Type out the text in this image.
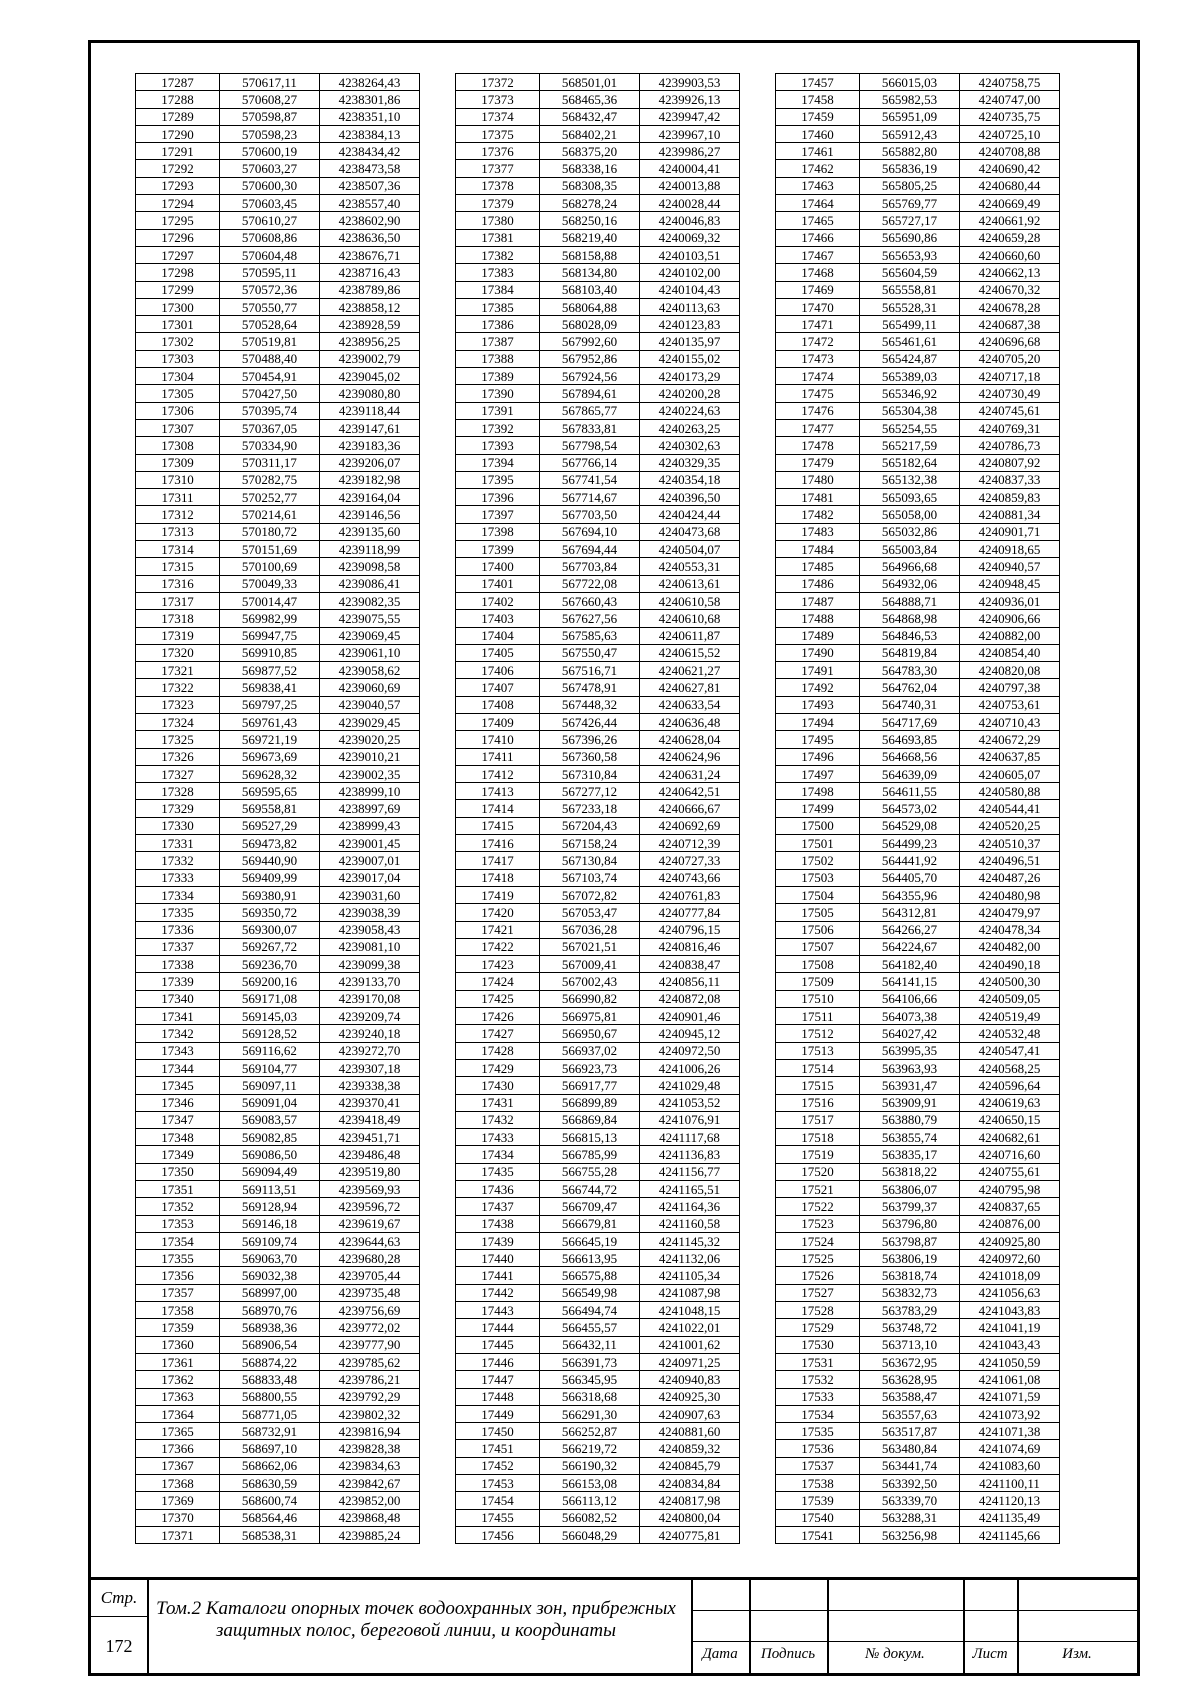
17287	570617,11	4238264,43
17288	570608,27	4238301,86
17289	570598,87	4238351,10
17290	570598,23	4238384,13
17291	570600,19	4238434,42
17292	570603,27	4238473,58
17293	570600,30	4238507,36
17294	570603,45	4238557,40
17295	570610,27	4238602,90
17296	570608,86	4238636,50
17297	570604,48	4238676,71
17298	570595,11	4238716,43
17299	570572,36	4238789,86
17300	570550,77	4238858,12
17301	570528,64	4238928,59
17302	570519,81	4238956,25
17303	570488,40	4239002,79
17304	570454,91	4239045,02
17305	570427,50	4239080,80
17306	570395,74	4239118,44
17307	570367,05	4239147,61
17308	570334,90	4239183,36
17309	570311,17	4239206,07
17310	570282,75	4239182,98
17311	570252,77	4239164,04
17312	570214,61	4239146,56
17313	570180,72	4239135,60
17314	570151,69	4239118,99
17315	570100,69	4239098,58
17316	570049,33	4239086,41
17317	570014,47	4239082,35
17318	569982,99	4239075,55
17319	569947,75	4239069,45
17320	569910,85	4239061,10
17321	569877,52	4239058,62
17322	569838,41	4239060,69
17323	569797,25	4239040,57
17324	569761,43	4239029,45
17325	569721,19	4239020,25
17326	569673,69	4239010,21
17327	569628,32	4239002,35
17328	569595,65	4238999,10
17329	569558,81	4238997,69
17330	569527,29	4238999,43
17331	569473,82	4239001,45
17332	569440,90	4239007,01
17333	569409,99	4239017,04
17334	569380,91	4239031,60
17335	569350,72	4239038,39
17336	569300,07	4239058,43
17337	569267,72	4239081,10
17338	569236,70	4239099,38
17339	569200,16	4239133,70
17340	569171,08	4239170,08
17341	569145,03	4239209,74
17342	569128,52	4239240,18
17343	569116,62	4239272,70
17344	569104,77	4239307,18
17345	569097,11	4239338,38
17346	569091,04	4239370,41
17347	569083,57	4239418,49
17348	569082,85	4239451,71
17349	569086,50	4239486,48
17350	569094,49	4239519,80
17351	569113,51	4239569,93
17352	569128,94	4239596,72
17353	569146,18	4239619,67
17354	569109,74	4239644,63
17355	569063,70	4239680,28
17356	569032,38	4239705,44
17357	568997,00	4239735,48
17358	568970,76	4239756,69
17359	568938,36	4239772,02
17360	568906,54	4239777,90
17361	568874,22	4239785,62
17362	568833,48	4239786,21
17363	568800,55	4239792,29
17364	568771,05	4239802,32
17365	568732,91	4239816,94
17366	568697,10	4239828,38
17367	568662,06	4239834,63
17368	568630,59	4239842,67
17369	568600,74	4239852,00
17370	568564,46	4239868,48
17371	568538,31	4239885,24
17372	568501,01	4239903,53
17373	568465,36	4239926,13
17374	568432,47	4239947,42
17375	568402,21	4239967,10
17376	568375,20	4239986,27
17377	568338,16	4240004,41
17378	568308,35	4240013,88
17379	568278,24	4240028,44
17380	568250,16	4240046,83
17381	568219,40	4240069,32
17382	568158,88	4240103,51
17383	568134,80	4240102,00
17384	568103,40	4240104,43
17385	568064,88	4240113,63
17386	568028,09	4240123,83
17387	567992,60	4240135,97
17388	567952,86	4240155,02
17389	567924,56	4240173,29
17390	567894,61	4240200,28
17391	567865,77	4240224,63
17392	567833,81	4240263,25
17393	567798,54	4240302,63
17394	567766,14	4240329,35
17395	567741,54	4240354,18
17396	567714,67	4240396,50
17397	567703,50	4240424,44
17398	567694,10	4240473,68
17399	567694,44	4240504,07
17400	567703,84	4240553,31
17401	567722,08	4240613,61
17402	567660,43	4240610,58
17403	567627,56	4240610,68
17404	567585,63	4240611,87
17405	567550,47	4240615,52
17406	567516,71	4240621,27
17407	567478,91	4240627,81
17408	567448,32	4240633,54
17409	567426,44	4240636,48
17410	567396,26	4240628,04
17411	567360,58	4240624,96
17412	567310,84	4240631,24
17413	567277,12	4240642,51
17414	567233,18	4240666,67
17415	567204,43	4240692,69
17416	567158,24	4240712,39
17417	567130,84	4240727,33
17418	567103,74	4240743,66
17419	567072,82	4240761,83
17420	567053,47	4240777,84
17421	567036,28	4240796,15
17422	567021,51	4240816,46
17423	567009,41	4240838,47
17424	567002,43	4240856,11
17425	566990,82	4240872,08
17426	566975,81	4240901,46
17427	566950,67	4240945,12
17428	566937,02	4240972,50
17429	566923,73	4241006,26
17430	566917,77	4241029,48
17431	566899,89	4241053,52
17432	566869,84	4241076,91
17433	566815,13	4241117,68
17434	566785,99	4241136,83
17435	566755,28	4241156,77
17436	566744,72	4241165,51
17437	566709,47	4241164,36
17438	566679,81	4241160,58
17439	566645,19	4241145,32
17440	566613,95	4241132,06
17441	566575,88	4241105,34
17442	566549,98	4241087,98
17443	566494,74	4241048,15
17444	566455,57	4241022,01
17445	566432,11	4241001,62
17446	566391,73	4240971,25
17447	566345,95	4240940,83
17448	566318,68	4240925,30
17449	566291,30	4240907,63
17450	566252,87	4240881,60
17451	566219,72	4240859,32
17452	566190,32	4240845,79
17453	566153,08	4240834,84
17454	566113,12	4240817,98
17455	566082,52	4240800,04
17456	566048,29	4240775,81
17457	566015,03	4240758,75
17458	565982,53	4240747,00
17459	565951,09	4240735,75
17460	565912,43	4240725,10
17461	565882,80	4240708,88
17462	565836,19	4240690,42
17463	565805,25	4240680,44
17464	565769,77	4240669,49
17465	565727,17	4240661,92
17466	565690,86	4240659,28
17467	565653,93	4240660,60
17468	565604,59	4240662,13
17469	565558,81	4240670,32
17470	565528,31	4240678,28
17471	565499,11	4240687,38
17472	565461,61	4240696,68
17473	565424,87	4240705,20
17474	565389,03	4240717,18
17475	565346,92	4240730,49
17476	565304,38	4240745,61
17477	565254,55	4240769,31
17478	565217,59	4240786,73
17479	565182,64	4240807,92
17480	565132,38	4240837,33
17481	565093,65	4240859,83
17482	565058,00	4240881,34
17483	565032,86	4240901,71
17484	565003,84	4240918,65
17485	564966,68	4240940,57
17486	564932,06	4240948,45
17487	564888,71	4240936,01
17488	564868,98	4240906,66
17489	564846,53	4240882,00
17490	564819,84	4240854,40
17491	564783,30	4240820,08
17492	564762,04	4240797,38
17493	564740,31	4240753,61
17494	564717,69	4240710,43
17495	564693,85	4240672,29
17496	564668,56	4240637,85
17497	564639,09	4240605,07
17498	564611,55	4240580,88
17499	564573,02	4240544,41
17500	564529,08	4240520,25
17501	564499,23	4240510,37
17502	564441,92	4240496,51
17503	564405,70	4240487,26
17504	564355,96	4240480,98
17505	564312,81	4240479,97
17506	564266,27	4240478,34
17507	564224,67	4240482,00
17508	564182,40	4240490,18
17509	564141,15	4240500,30
17510	564106,66	4240509,05
17511	564073,38	4240519,49
17512	564027,42	4240532,48
17513	563995,35	4240547,41
17514	563963,93	4240568,25
17515	563931,47	4240596,64
17516	563909,91	4240619,63
17517	563880,79	4240650,15
17518	563855,74	4240682,61
17519	563835,17	4240716,60
17520	563818,22	4240755,61
17521	563806,07	4240795,98
17522	563799,37	4240837,65
17523	563796,80	4240876,00
17524	563798,87	4240925,80
17525	563806,19	4240972,60
17526	563818,74	4241018,09
17527	563832,73	4241056,63
17528	563783,29	4241043,83
17529	563748,72	4241041,19
17530	563713,10	4241043,43
17531	563672,95	4241050,59
17532	563628,95	4241061,08
17533	563588,47	4241071,59
17534	563557,63	4241073,92
17535	563517,87	4241071,38
17536	563480,84	4241074,69
17537	563441,74	4241083,60
17538	563392,50	4241100,11
17539	563339,70	4241120,13
17540	563288,31	4241135,49
17541	563256,98	4241145,66
Стр.
172
Том.2 Каталоги опорных точек водоохранных зон, прибрежных защитных полос, береговой линии, и координаты
Дата	Подпись	№ докум.	Лист	Изм.
